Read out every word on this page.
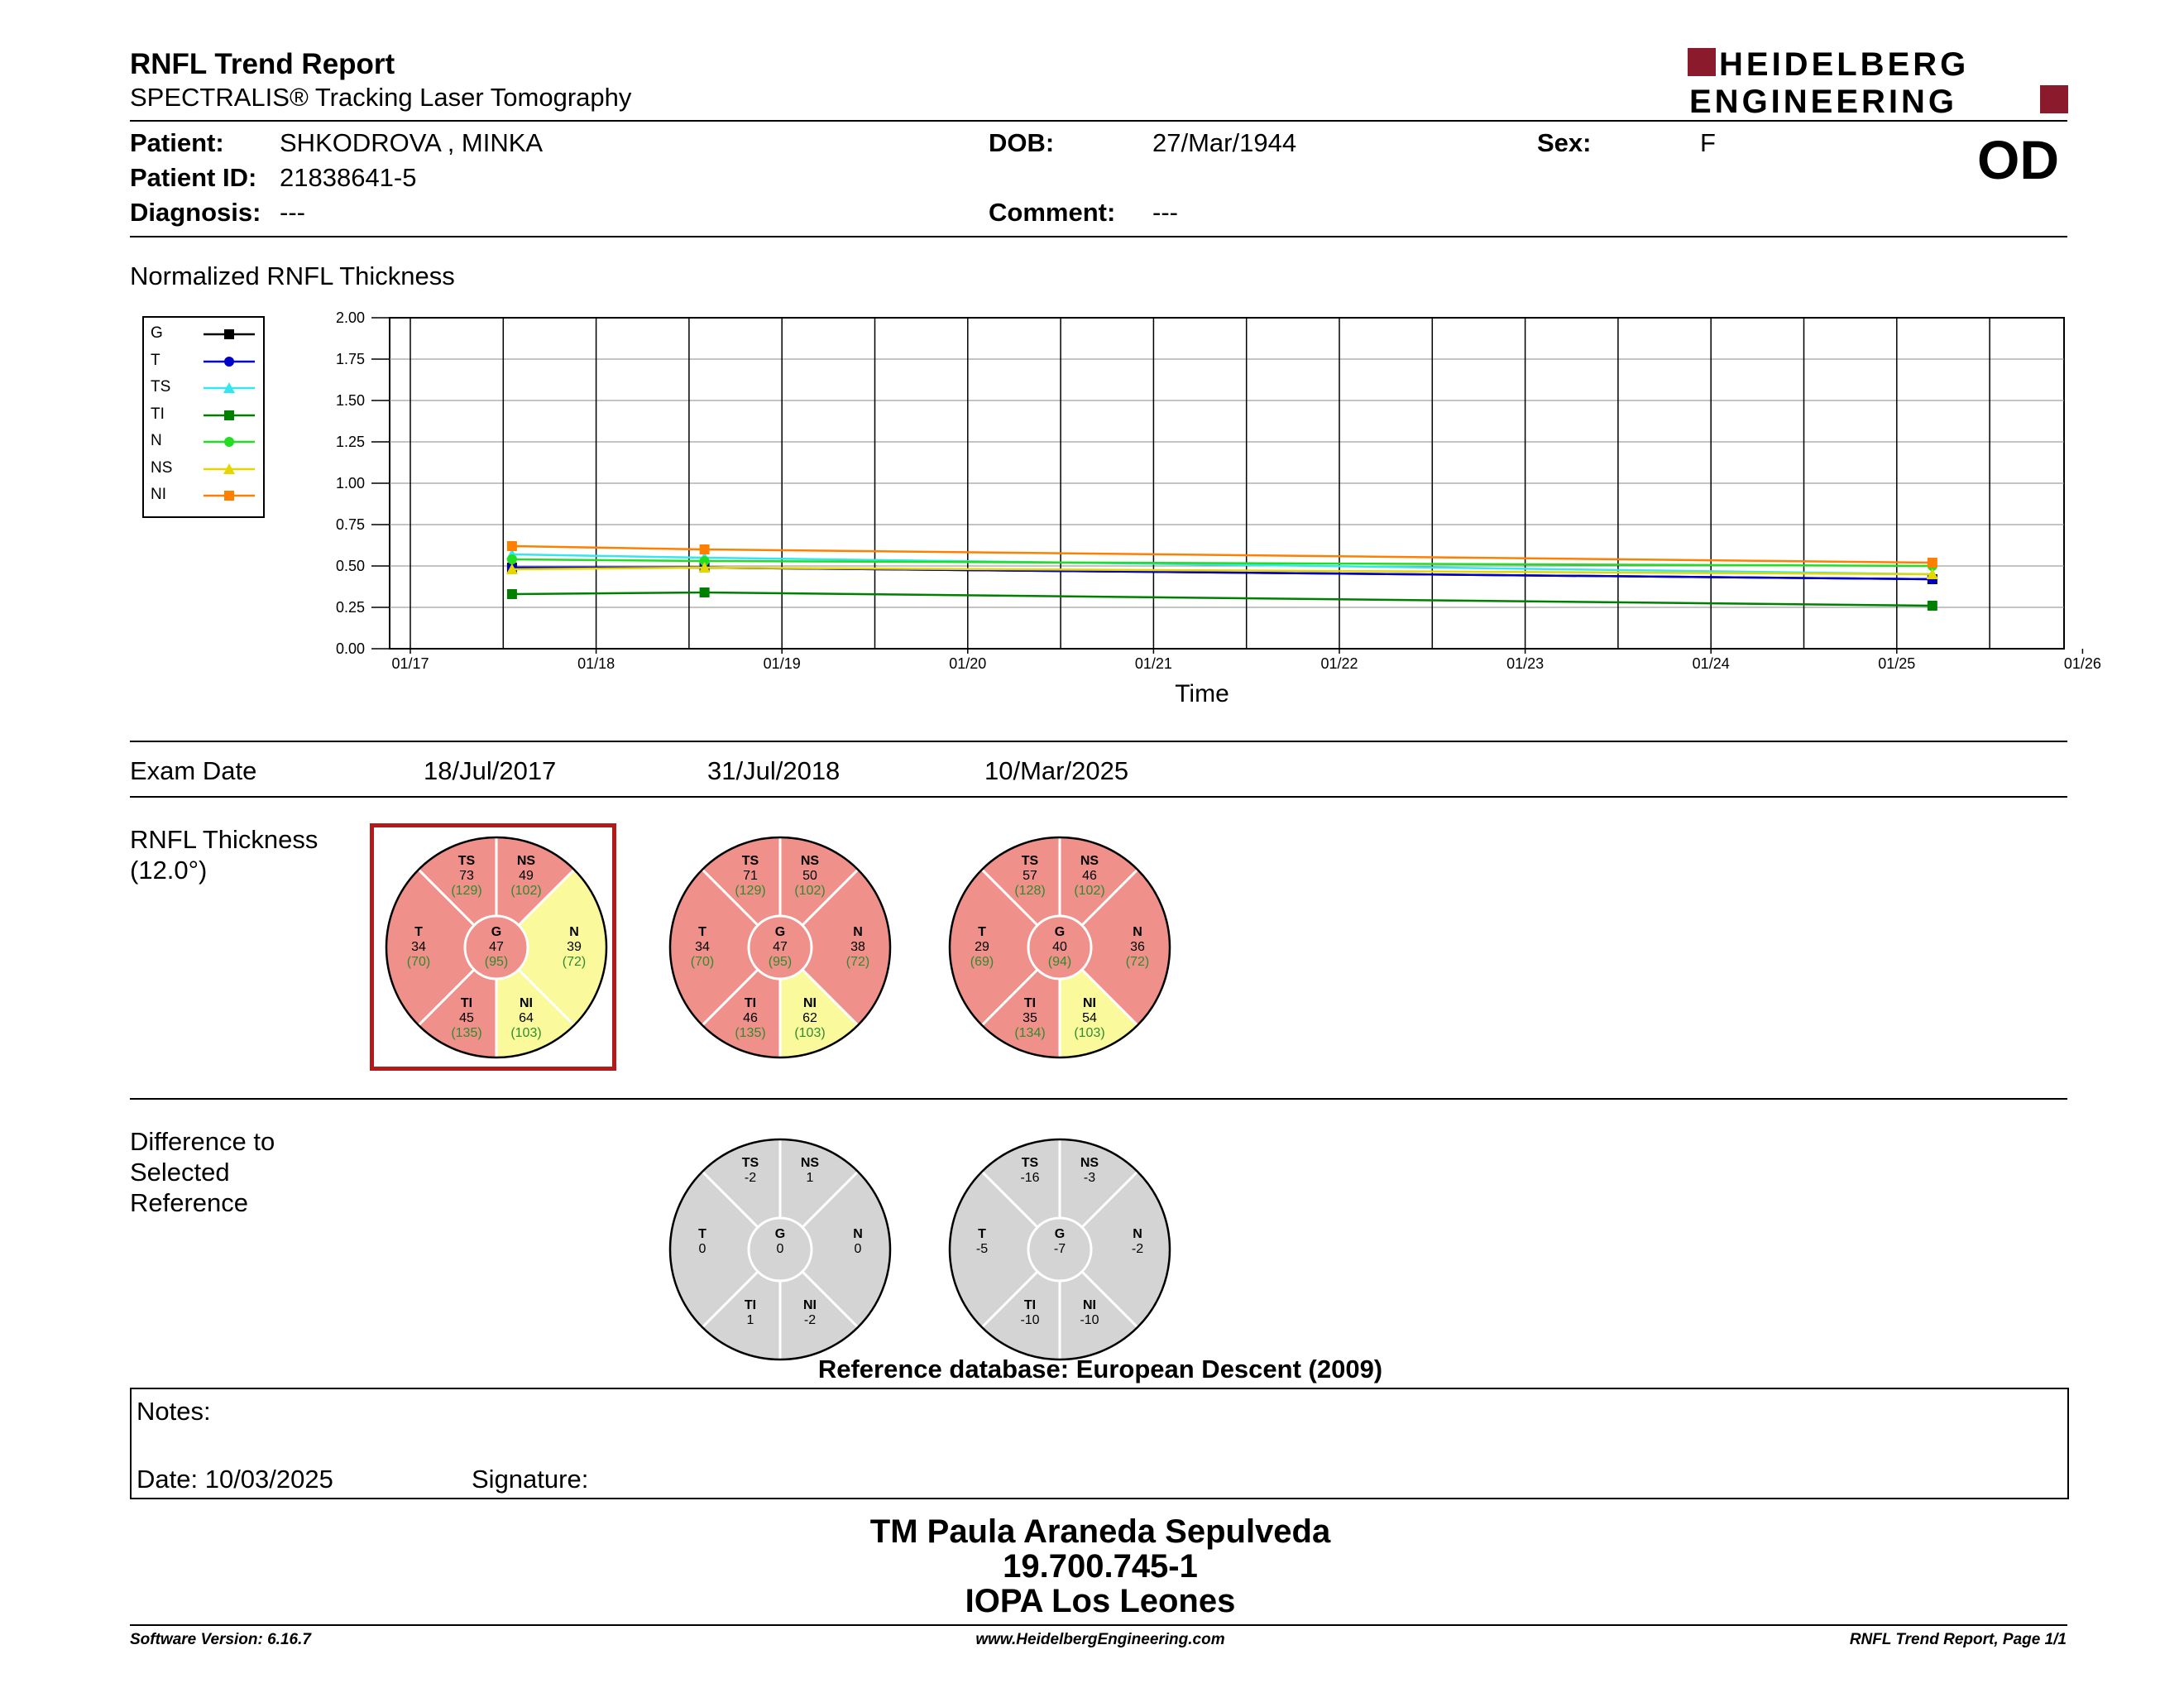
RNFL Trend Report
SPECTRALIS® Tracking Laser Tomography
HEIDELBERG
ENGINEERING
Patient: SHKODROVA , MINKA
Patient ID: 21838641-5
Diagnosis: ---
DOB:	27/Mar/1944
Comment: ---
Sex:	F	OD
Normalized RNFL Thickness
G
T
TS
TI
N
NS
NI
0.00
0.25
0.50
0.75
1.00
1.25
1.50
1.75
2.00
01/17	01/18	01/19	01/20	01/21	01/22	01/23	01/24	01/25	01/26
Time
Exam Date	18/Jul/2017	31/Jul/2018	10/Mar/2025
RNFL Thickness
(12.0°)	TS
73
(129)
NS
49
(102)
T
34
(70)
G
47
(95)
N
39
(72)
TI
45
(135)
NI
64
(103)
TS
71
(129)
NS
50
(102)
T
34
(70)
G
47
(95)
N
38
(72)
TI
46
(135)
NI
62
(103)
TS
57
(128)
NS
46
(102)
T
29
(69)
G
40
(94)
N
36
(72)
TI
35
(134)
NI
54
(103)
Difference to
Selected
Reference
TS
-2
NS
1
T
0
G
0
N
0
TI
1
NI
-2
TS
-16
NS
-3
T
-5
G
-7
N
-2
TI
-10
NI
-10
Reference database: European Descent (2009)
Notes:
Date: 10/03/2025	Signature:
TM Paula Araneda Sepulveda
19.700.745-1
IOPA Los Leones
Software Version: 6.16.7	www.HeidelbergEngineering.com	RNFL Trend Report, Page 1/1
